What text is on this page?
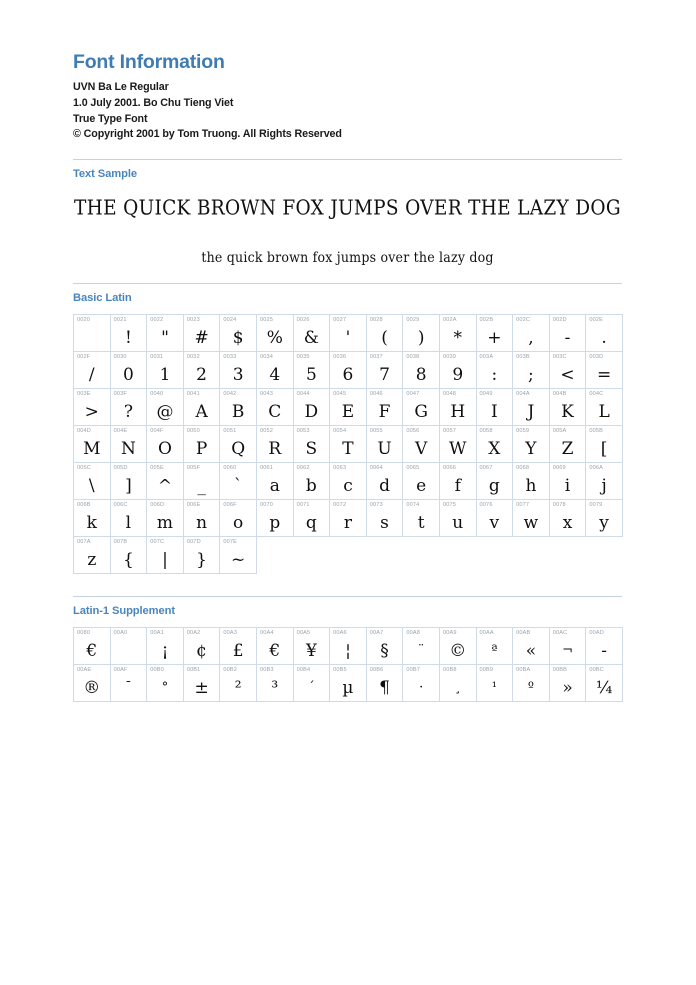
Font Information
UVN Ba Le Regular
1.0 July 2001. Bo Chu Tieng Viet
True Type Font
© Copyright 2001 by Tom Truong. All Rights Reserved
Text Sample
THE QUICK BROWN FOX JUMPS OVER THE LAZY DOG
the quick brown fox jumps over the lazy dog
Basic Latin
0020	0021
!
0022
"
0023
#
0024
$
0025
%
0026
&
0027
'
0028
(
0029
)
002A
*
002B
+
002C
,
002D
-
002E
.
002F
/
0030
0
0031
1
0032
2
0033
3
0034
4
0035
5
0036
6
0037
7
0038
8
0039
9
003A
:
003B
;
003C
<
003D
=
003E
>
003F
?
0040
@
0041
A
0042
B
0043
C
0044
D
0045
E
0046
F
0047
G
0048
H
0049
I
004A
J
004B
K
004C
L
004D
M
004E
N
004F
O
0050
P
0051
Q
0052
R
0053
S
0054
T
0055
U
0056
V
0057
W
0058
X
0059
Y
005A
Z
005B
[
005C
\
005D
]
005E
^
005F
_
0060
`
0061
a
0062
b
0063
c
0064
d
0065
e
0066
f
0067
g
0068
h
0069
i
006A
j
006B
k
006C
l
006D
m
006E
n
006F
o
0070
p
0071
q
0072
r
0073
s
0074
t
0075
u
0076
v
0077
w
0078
x
0079
y
007A
z
007B
{
007C
|
007D
}
007E
~
Latin-1 Supplement
0080
€
00A0	00A1
¡
00A2
¢
00A3
£
00A4
€
00A5
¥
00A6
¦
00A7
§
00A8
¨
00A9
©
00AA
ª
00AB
«
00AC
¬
00AD
-
00AE
®
00AF
¯
00B0
°
00B1
±
00B2
²
00B3
³
00B4
´
00B5
µ
00B6
¶
00B7
·
00B8
¸
00B9
¹
00BA
º
00BB
»
00BC
¼
